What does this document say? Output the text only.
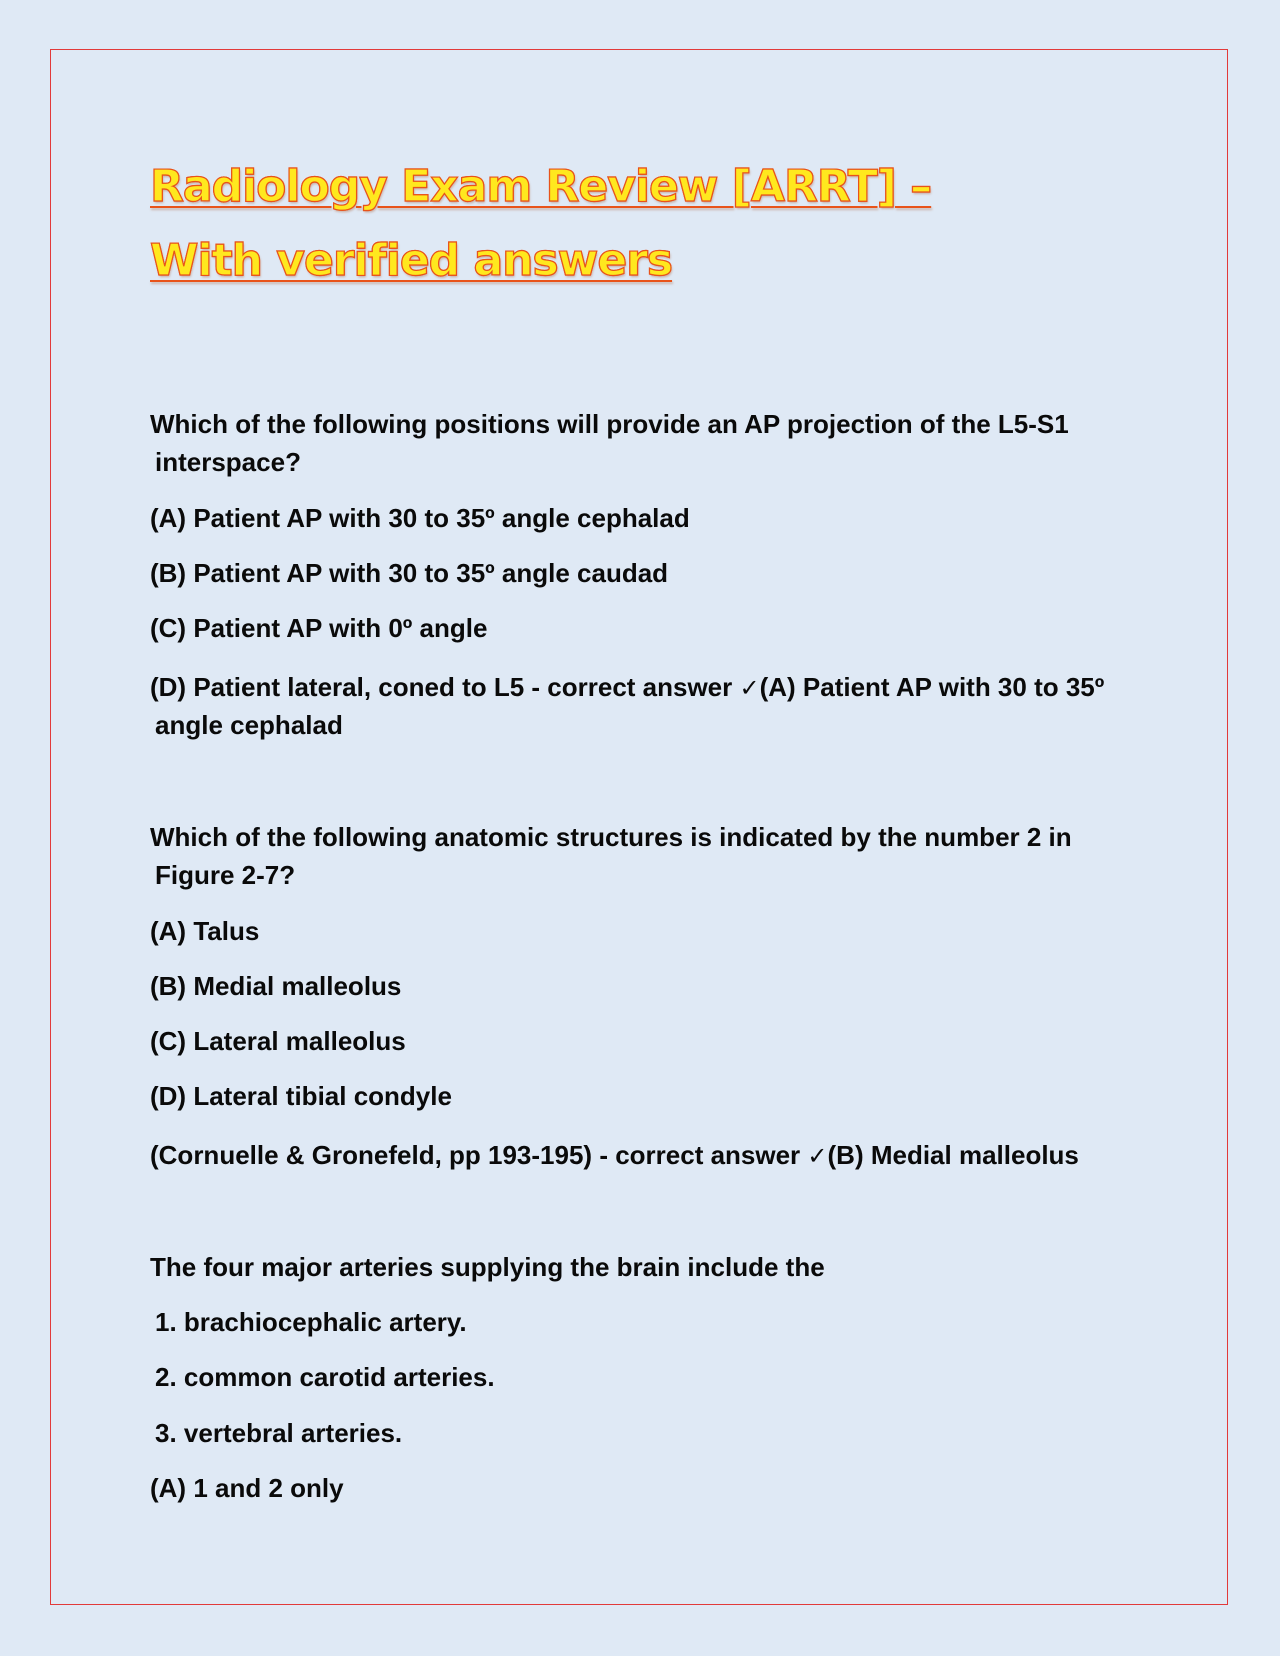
Radiology Exam Review [ARRT] – With verified answers
Which of the following positions will provide an AP projection of the L5-S1
interspace?
(A) Patient AP with 30 to 35º angle cephalad
(B) Patient AP with 30 to 35º angle caudad
(C) Patient AP with 0º angle
(D) Patient lateral, coned to L5 - correct answer ✓(A) Patient AP with 30 to 35º
angle cephalad
Which of the following anatomic structures is indicated by the number 2 in
Figure 2-7?
(A) Talus
(B) Medial malleolus
(C) Lateral malleolus
(D) Lateral tibial condyle
(Cornuelle & Gronefeld, pp 193-195) - correct answer ✓(B) Medial malleolus
The four major arteries supplying the brain include the
1. brachiocephalic artery.
2. common carotid arteries.
3. vertebral arteries.
(A) 1 and 2 only
